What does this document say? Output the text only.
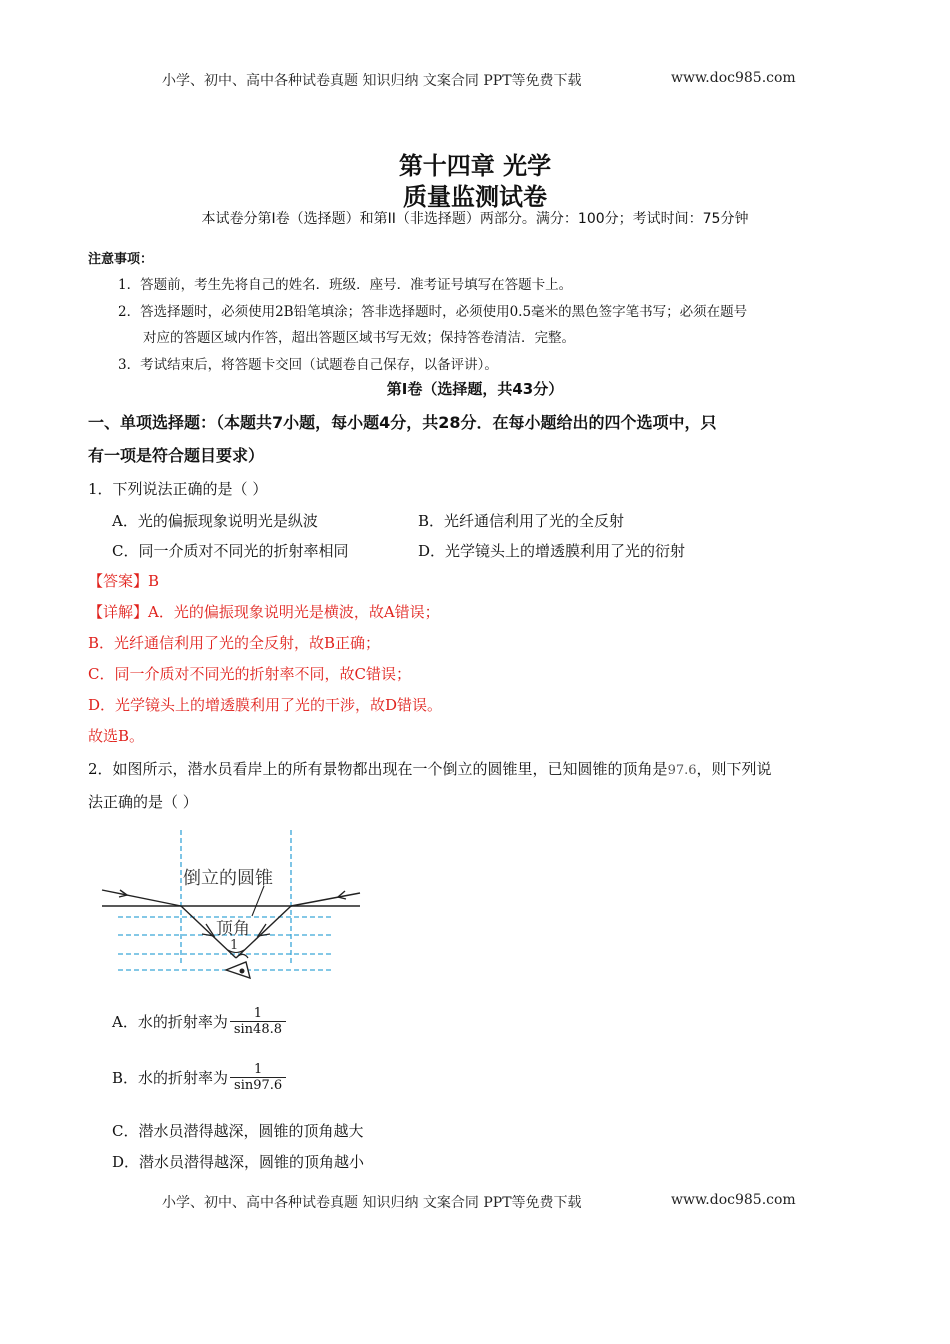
小学、初中、高中各种试卷真题 知识归纳 文案合同 PPT等免费下载	www.doc985.com
第十四章 光学
质量监测试卷
本试卷分第I卷（选择题）和第II（非选择题）两部分。满分：100分；考试时间：75分钟
注意事项：
1．答题前，考生先将自己的姓名．班级．座号．准考证号填写在答题卡上。
2．答选择题时，必须使用2B铅笔填涂；答非选择题时，必须使用0.5毫米的黑色签字笔书写；必须在题号
对应的答题区域内作答，超出答题区域书写无效；保持答卷清洁．完整。
3．考试结束后，将答题卡交回（试题卷自己保存，以备评讲）。
第Ⅰ卷（选择题，共43分）
一、单项选择题：（本题共7小题，每小题4分，共28分．在每小题给出的四个选项中，只
有一项是符合题目要求）
1．下列说法正确的是（ ）
A．光的偏振现象说明光是纵波	B．光纤通信利用了光的全反射
C．同一介质对不同光的折射率相同	D．光学镜头上的增透膜利用了光的衍射
【答案】B
【详解】A．光的偏振现象说明光是横波，故A错误；
B．光纤通信利用了光的全反射，故B正确；
C．同一介质对不同光的折射率不同，故C错误；
D．光学镜头上的增透膜利用了光的干涉，故D错误。
故选B。
2．如图所示，潜水员看岸上的所有景物都出现在一个倒立的圆锥里，已知圆锥的顶角是97.6，则下列说
法正确的是（ ）
倒立的圆锥
顶角
1
A．水的折射率为 $\frac{1}{\sin 48.8}$
B．水的折射率为 $\frac{1}{\sin 97.6}$
C．潜水员潜得越深，圆锥的顶角越大
D．潜水员潜得越深，圆锥的顶角越小
小学、初中、高中各种试卷真题 知识归纳 文案合同 PPT等免费下载	www.doc985.com
